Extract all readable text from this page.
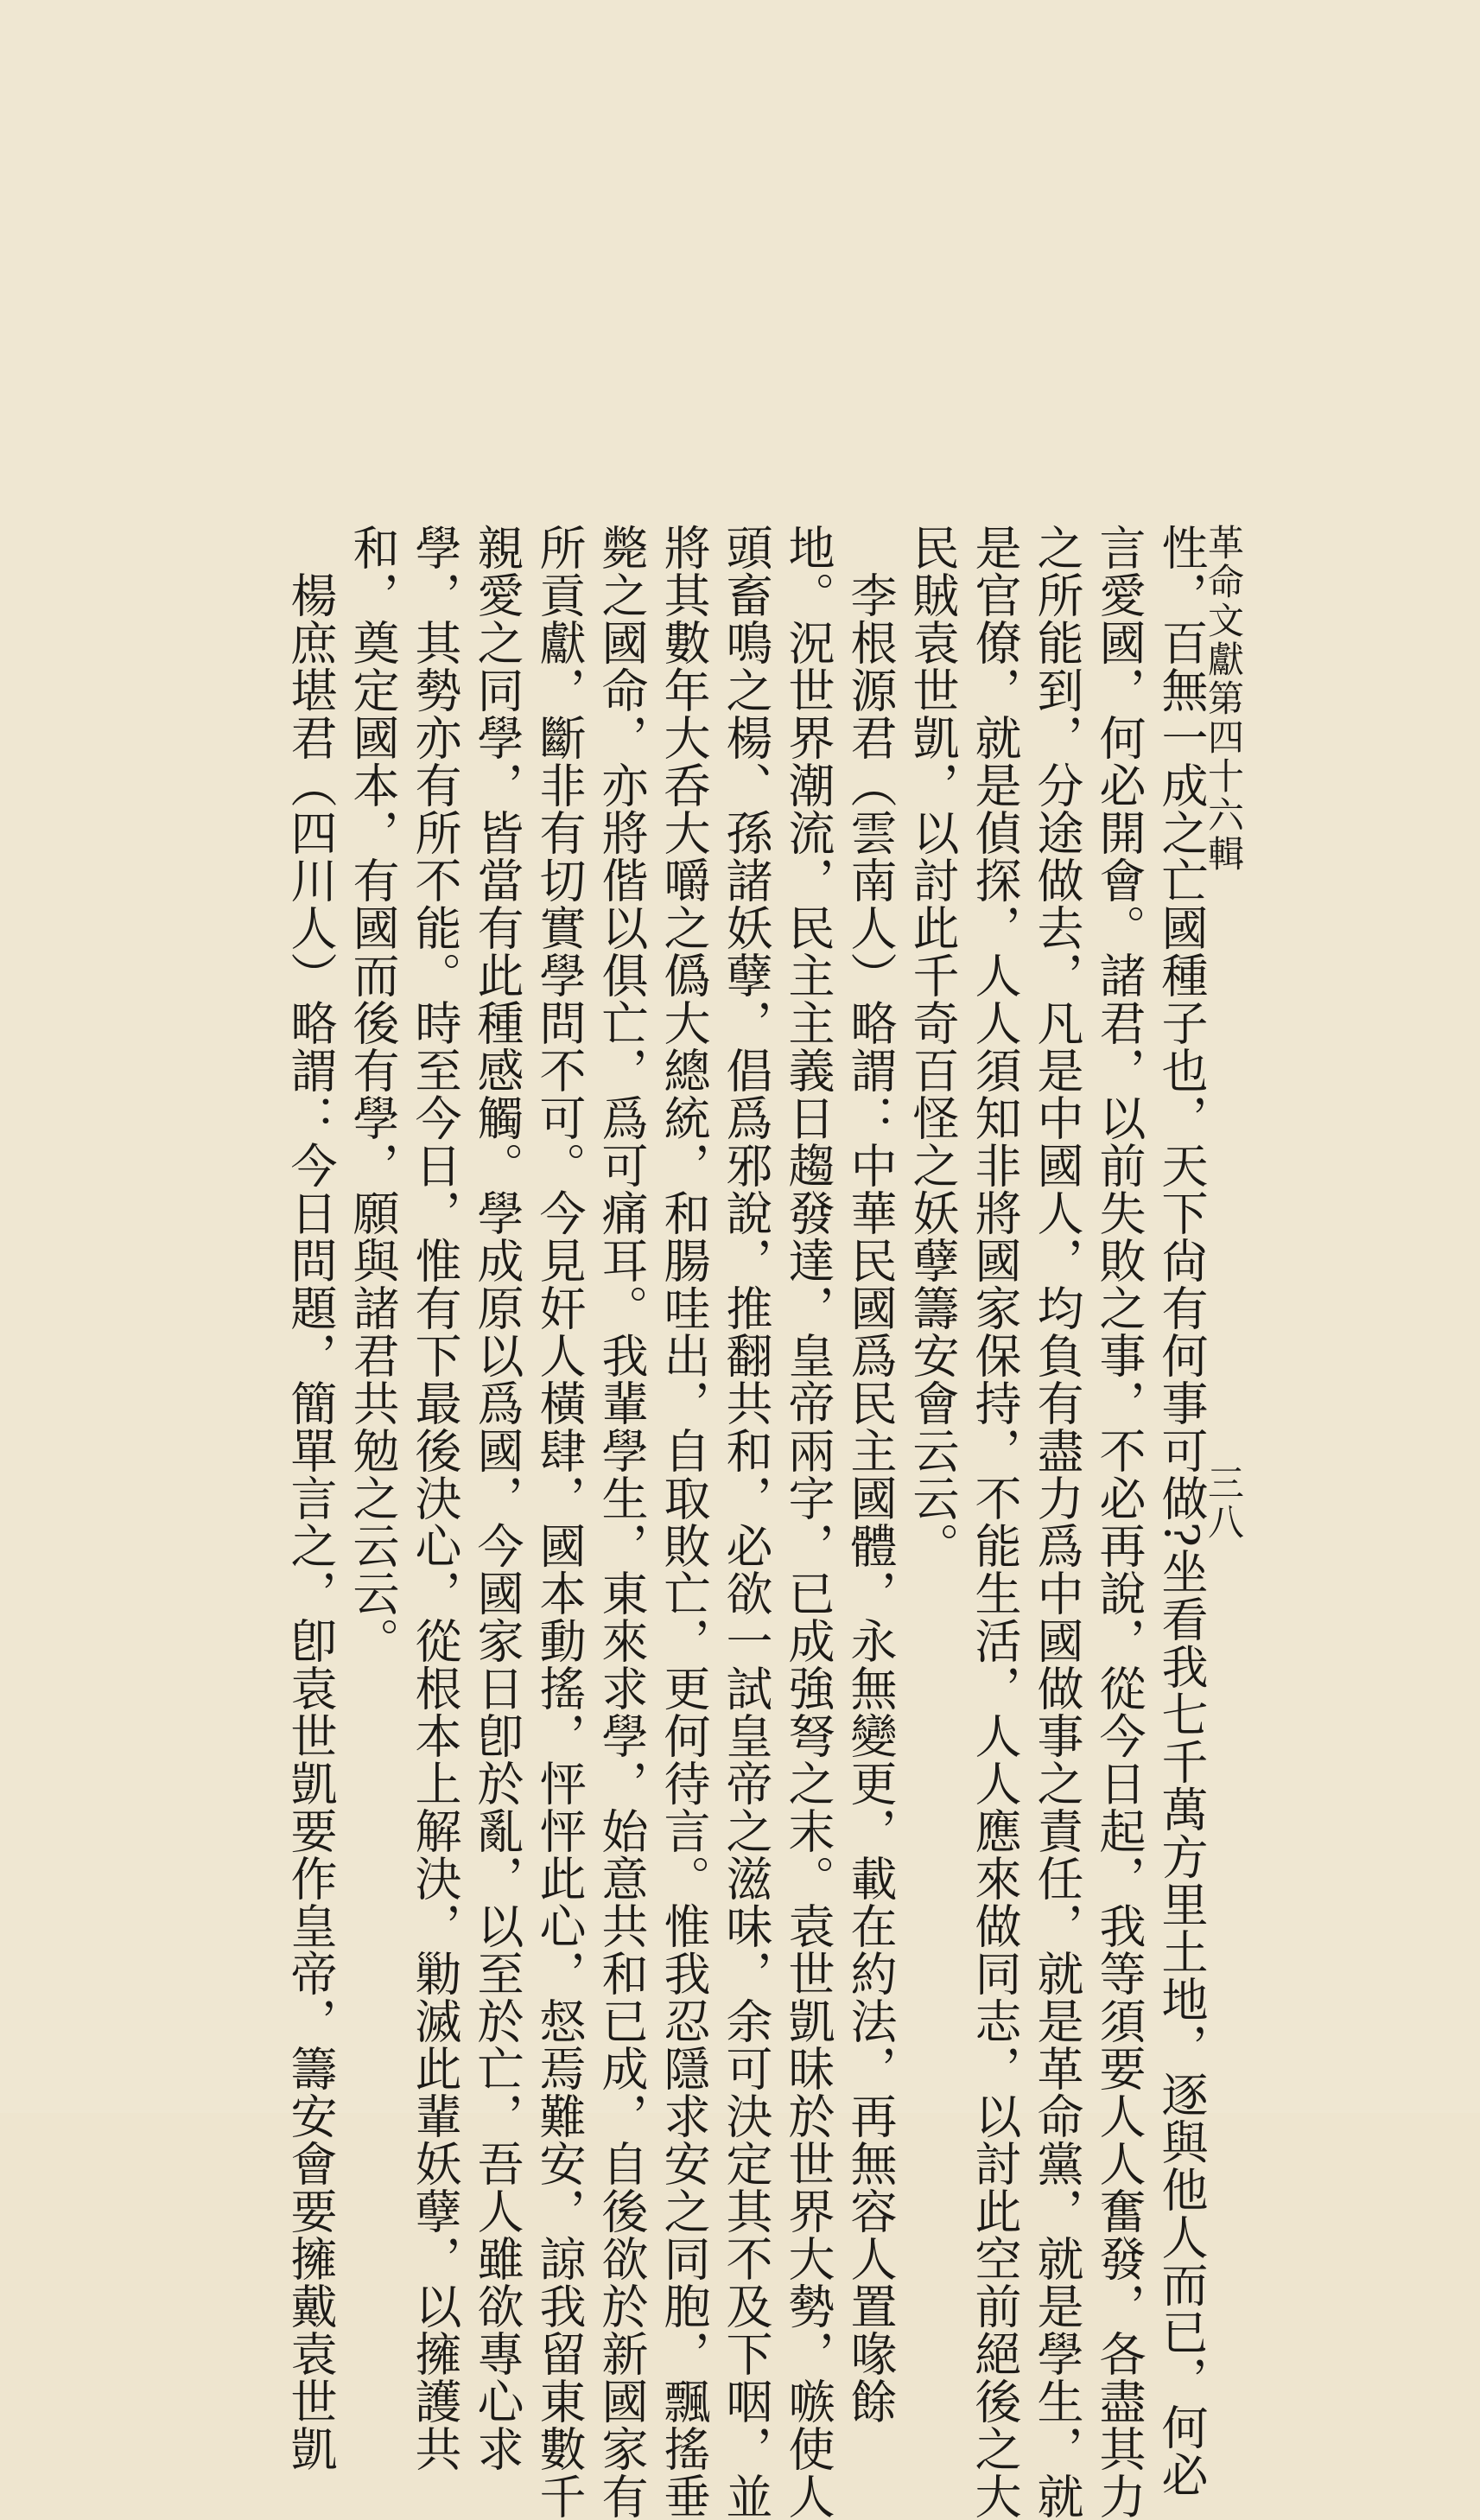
革命文獻第四十六輯
三八

性，百無一成之亡國種子也，天下尙有何事可做?坐看我七千萬方里土地，逐與他人而已，何必

言愛國，何必開會。諸君，以前失敗之事，不必再說，從今日起，我等須要人人奮發，各盡其力

之所能到，分途做去，凡是中國人，均負有盡力爲中國做事之責任，就是革命黨，就是學生，就

是官僚，就是偵探，人人須知非將國家保持，不能生活，人人應來做同志，以討此空前絕後之大

民賊袁世凱，以討此千奇百怪之妖孽籌安會云云。

　李根源君（雲南人）略謂：中華民國爲民主國體，永無變更，載在約法，再無容人置喙餘

地。況世界潮流，民主主義日趨發達，皇帝兩字，已成強弩之末。袁世凱昧於世界大勢，嗾使人

頭畜鳴之楊、孫諸妖孽，倡爲邪說，推翻共和，必欲一試皇帝之滋味，余可決定其不及下咽，並

將其數年大呑大嚼之僞大總統，和腸哇出，自取敗亡，更何待言。惟我忍隱求安之同胞，飄搖垂

斃之國命，亦將偕以俱亡，爲可痛耳。我輩學生，東來求學，始意共和已成，自後欲於新國家有

所貢獻，斷非有切實學問不可。今見奸人橫肆，國本動搖，怦怦此心，惄焉難安，諒我留東數千

親愛之同學，皆當有此種感觸。學成原以爲國，今國家日卽於亂，以至於亡，吾人雖欲專心求

學，其勢亦有所不能。時至今日，惟有下最後決心，從根本上解決，勦滅此輩妖孽，以擁護共

和，奠定國本，有國而後有學，願與諸君共勉之云云。

　楊庶堪君（四川人）略謂：今日問題，簡單言之，卽袁世凱要作皇帝，籌安會要擁戴袁世凱
